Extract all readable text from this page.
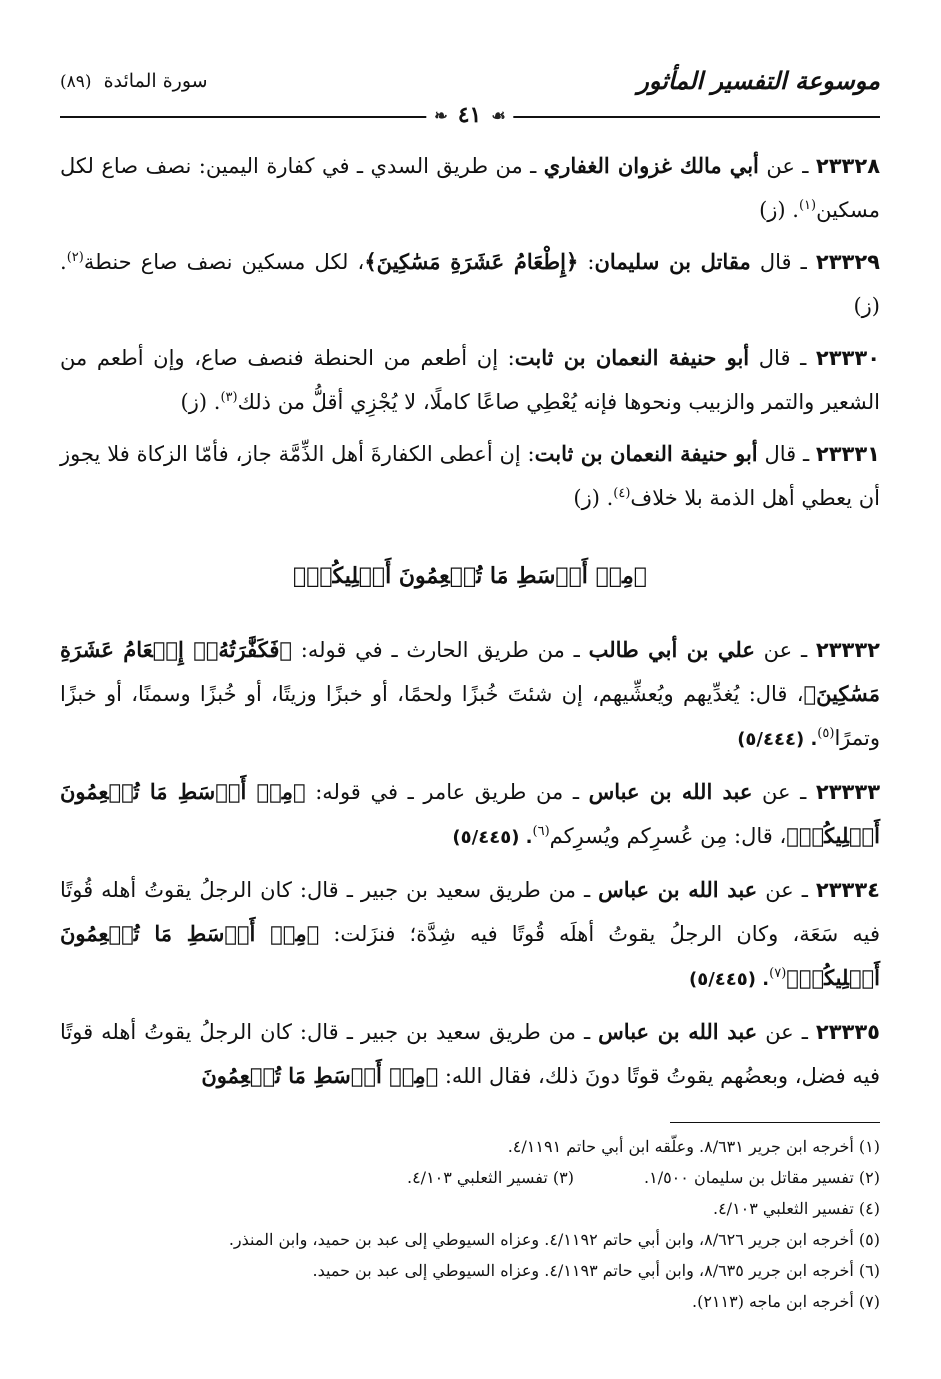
موسوعة التفسير المأثور
☙
٤١
❧
سورة المائدة (٨٩)

٢٣٣٢٨ ـ عن أبي مالك غزوان الغفاري ـ من طريق السدي ـ في كفارة اليمين: نصف صاع لكل مسكين$^{(١)}$. (ز)

٢٣٣٢٩ ـ قال مقاتل بن سليمان: ﴿إِطْعَامُ عَشَرَةِ مَسَٰكِينَ﴾، لكل مسكين نصف صاع حنطة$^{(٢)}$. (ز)

٢٣٣٣٠ ـ قال أبو حنيفة النعمان بن ثابت: إن أطعم من الحنطة فنصف صاع، وإن أطعم من الشعير والتمر والزبيب ونحوها فإنه يُعْطِي صاعًا كاملًا، لا يُجْزِي أقلُّ من ذلك$^{(٣)}$. (ز)

٢٣٣٣١ ـ قال أبو حنيفة النعمان بن ثابت: إن أعطى الكفارةَ أهل الذِّمَّة جاز، فأمّا الزكاة فلا يجوز أن يعطي أهل الذمة بلا خلاف$^{(٤)}$. (ز)

﴿مِنۡ أَوۡسَطِ مَا تُطۡعِمُونَ أَهۡلِيكُمۡ﴾

٢٣٣٣٢ ـ عن علي بن أبي طالب ـ من طريق الحارث ـ في قوله: ﴿فَكَفَّٰرَتُهُۥٓ إِطۡعَامُ عَشَرَةِ مَسَٰكِينَ﴾، قال: يُغدِّيهم ويُعشِّيهم، إن شئتَ خُبزًا ولحمًا، أو خبزًا وزيتًا، أو خُبزًا وسمنًا، أو خبزًا وتمرًا$^{(٥)}$. (٥/٤٤٤)

٢٣٣٣٣ ـ عن عبد الله بن عباس ـ من طريق عامر ـ في قوله: ﴿مِنۡ أَوۡسَطِ مَا تُطۡعِمُونَ أَهۡلِيكُمۡ﴾، قال: مِن عُسرِكم ويُسرِكم$^{(٦)}$. (٥/٤٤٥)

٢٣٣٣٤ ـ عن عبد الله بن عباس ـ من طريق سعيد بن جبير ـ قال: كان الرجلُ يقوتُ أهله قُوتًا فيه سَعَة، وكان الرجلُ يقوتُ أهلَه قُوتًا فيه شِدَّة؛ فنزَلت: ﴿مِنۡ أَوۡسَطِ مَا تُطۡعِمُونَ أَهۡلِيكُمۡ﴾$^{(٧)}$. (٥/٤٤٥)

٢٣٣٣٥ ـ عن عبد الله بن عباس ـ من طريق سعيد بن جبير ـ قال: كان الرجلُ يقوتُ أهله قوتًا فيه فضل، وبعضُهم يقوتُ قوتًا دونَ ذلك، فقال الله: ﴿مِنۡ أَوۡسَطِ مَا تُطۡعِمُونَ

(١) أخرجه ابن جرير ٨/٦٣١. وعلّقه ابن أبي حاتم ٤/١١٩١.
(٢) تفسير مقاتل بن سليمان ١/٥٠٠.
(٣) تفسير الثعلبي ٤/١٠٣.
(٤) تفسير الثعلبي ٤/١٠٣.
(٥) أخرجه ابن جرير ٨/٦٢٦، وابن أبي حاتم ٤/١١٩٢. وعزاه السيوطي إلى عبد بن حميد، وابن المنذر.
(٦) أخرجه ابن جرير ٨/٦٣٥، وابن أبي حاتم ٤/١١٩٣. وعزاه السيوطي إلى عبد بن حميد.
(٧) أخرجه ابن ماجه (٢١١٣).
